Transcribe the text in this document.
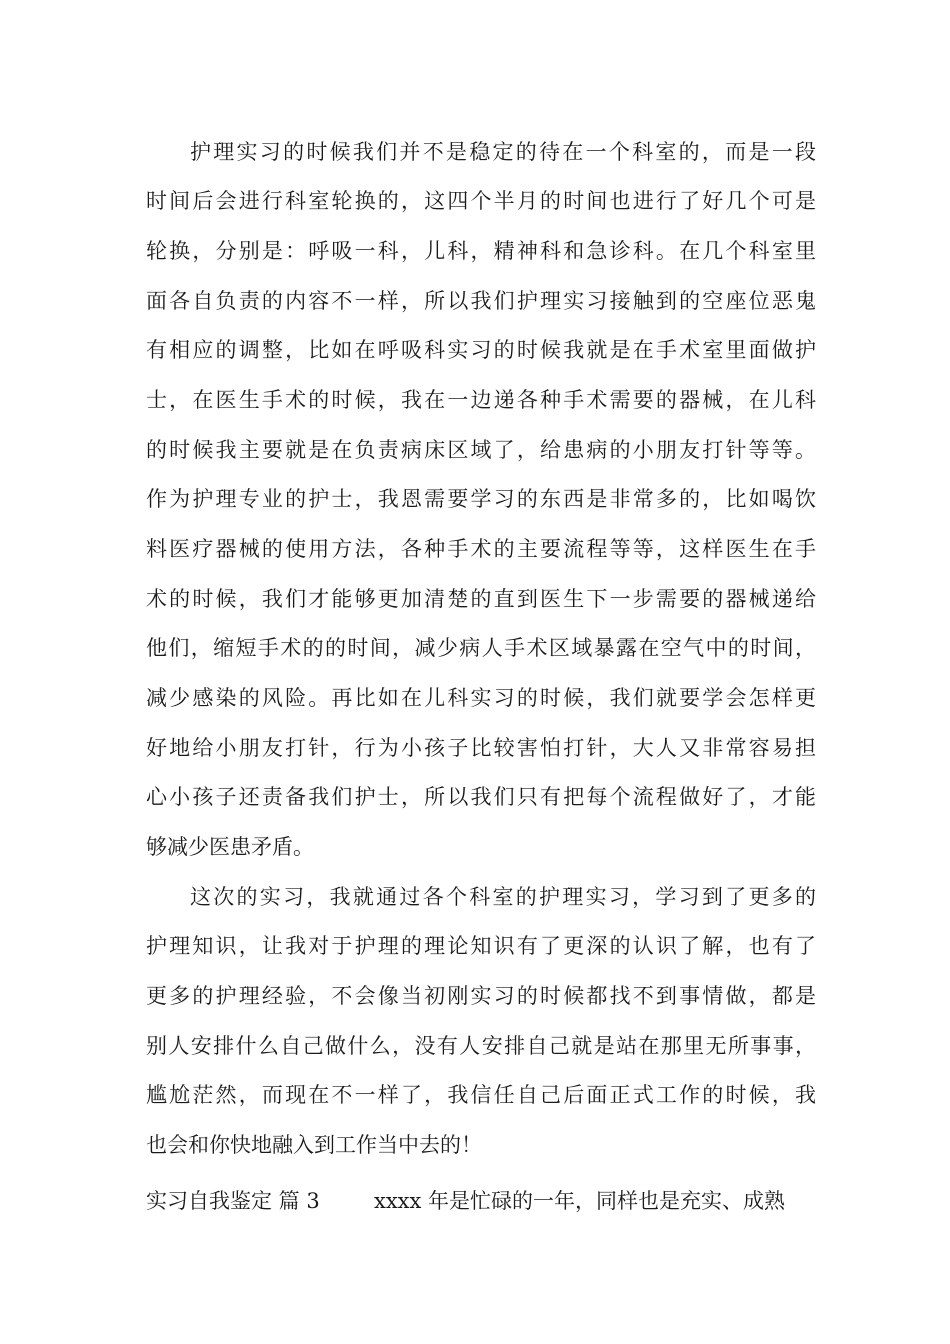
护理实习的时候我们并不是稳定的待在一个科室的，而是一段
时间后会进行科室轮换的，这四个半月的时间也进行了好几个可是
轮换，分别是：呼吸一科，儿科，精神科和急诊科。在几个科室里
面各自负责的内容不一样，所以我们护理实习接触到的空座位恶鬼
有相应的调整，比如在呼吸科实习的时候我就是在手术室里面做护
士，在医生手术的时候，我在一边递各种手术需要的器械，在儿科
的时候我主要就是在负责病床区域了，给患病的小朋友打针等等。
作为护理专业的护士，我恩需要学习的东西是非常多的，比如喝饮
料医疗器械的使用方法，各种手术的主要流程等等，这样医生在手
术的时候，我们才能够更加清楚的直到医生下一步需要的器械递给
他们，缩短手术的的时间，减少病人手术区域暴露在空气中的时间，
减少感染的风险。再比如在儿科实习的时候，我们就要学会怎样更
好地给小朋友打针，行为小孩子比较害怕打针，大人又非常容易担
心小孩子还责备我们护士，所以我们只有把每个流程做好了，才能
够减少医患矛盾。
这次的实习，我就通过各个科室的护理实习，学习到了更多的
护理知识，让我对于护理的理论知识有了更深的认识了解，也有了
更多的护理经验，不会像当初刚实习的时候都找不到事情做，都是
别人安排什么自己做什么，没有人安排自己就是站在那里无所事事，
尴尬茫然，而现在不一样了，我信任自己后面正式工作的时候，我
也会和你快地融入到工作当中去的！
实习自我鉴定 篇 3	xxxx 年是忙碌的一年，同样也是充实、成熟
